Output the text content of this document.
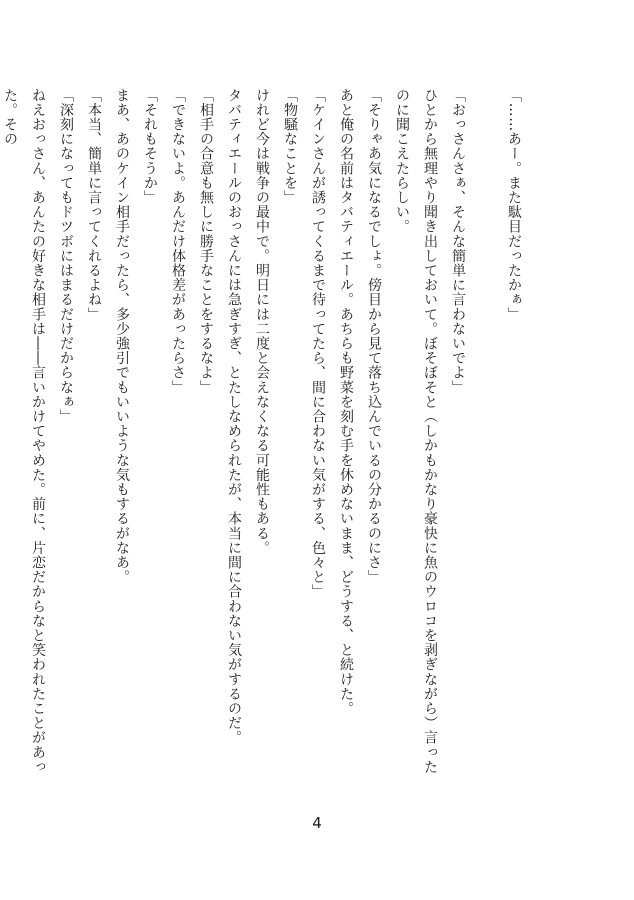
「……あー。また駄目だったかぁ」

「おっさんさぁ、そんな簡単に言わないでよ」

ひとから無理やり聞き出しておいて。ぼそぼそと（しかもかなり豪快に魚のウロコを剥ぎながら）言ったのに聞こえたらしい。

「そりゃあ気になるでしょ。傍目から見て落ち込んでいるの分かるのにさ」

あと俺の名前はタバティエール。あちらも野菜を刻む手を休めないまま、どうする、と続けた。

「ケインさんが誘ってくるまで待ってたら、間に合わない気がする、色々と」

「物騒なことを」

けれど今は戦争の最中で。明日には二度と会えなくなる可能性もある。

タバティエールのおっさんには急ぎすぎ、とたしなめられたが、本当に間に合わない気がするのだ。

「相手の合意も無しに勝手なことをするなよ」

「できないよ。あんだけ体格差があったらさ」

「それもそうか」

まあ、あのケイン相手だったら、多少強引でもいいような気もするがなあ。

「本当、簡単に言ってくれるよね」

「深刻になってもドツボにはまるだけだからなぁ」

ねえおっさん、あんたの好きな相手は――言いかけてやめた。前に、片恋だからなと笑われたことがあった。その

4
